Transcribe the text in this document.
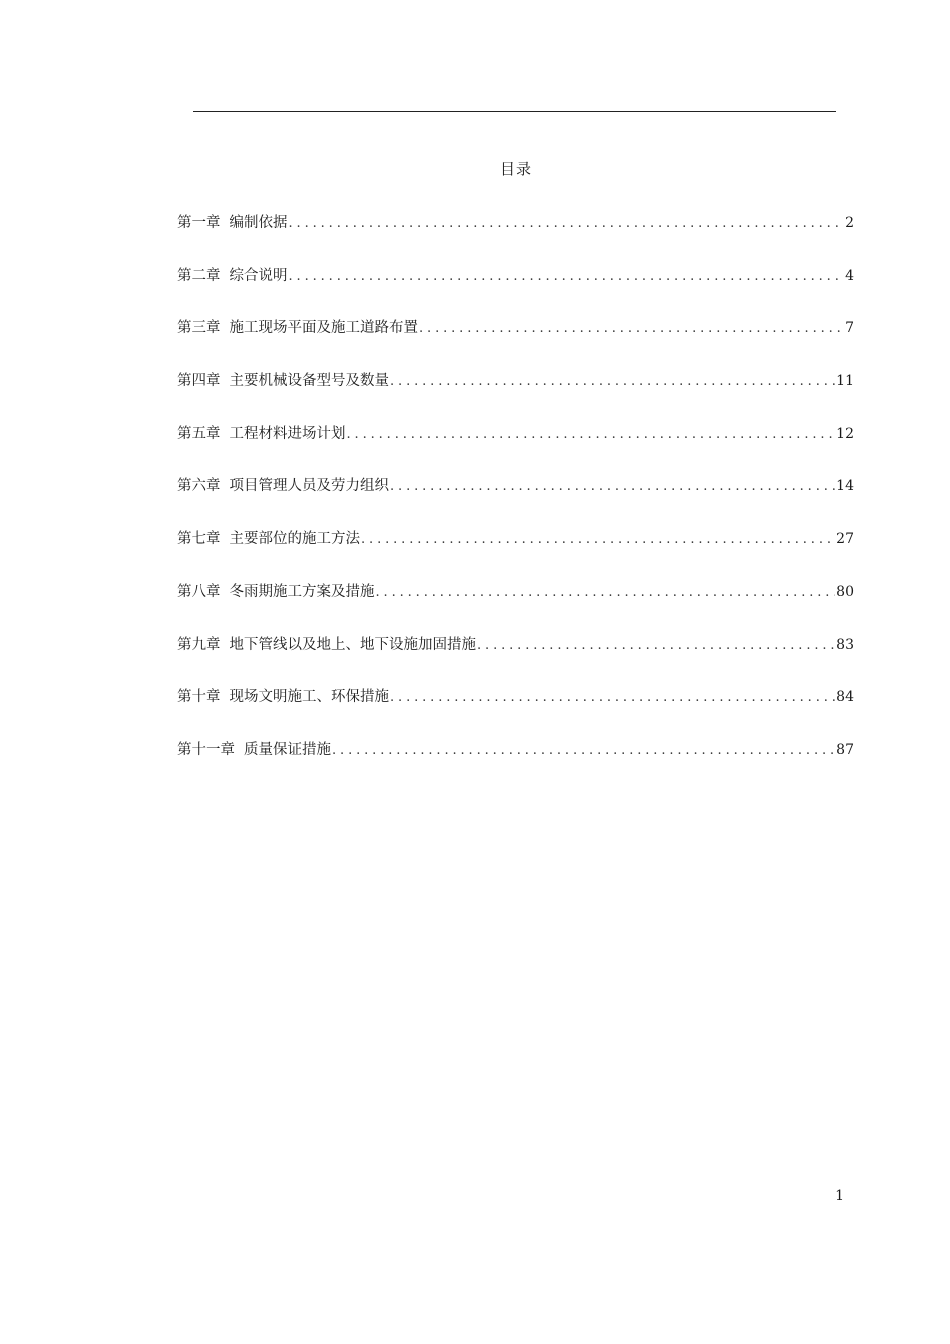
目录
第一章 编制依据 .....	2
第二章 综合说明 .....	4
第三章 施工现场平面及施工道路布置 .....	7
第四章 主要机械设备型号及数量 .....	11
第五章 工程材料进场计划 .....	12
第六章 项目管理人员及劳力组织 .....	14
第七章 主要部位的施工方法 .....	27
第八章 冬雨期施工方案及措施 .....	80
第九章 地下管线以及地上、地下设施加固措施 .....	83
第十章 现场文明施工、环保措施 .....	84
第十一章 质量保证措施 .....	87
1
